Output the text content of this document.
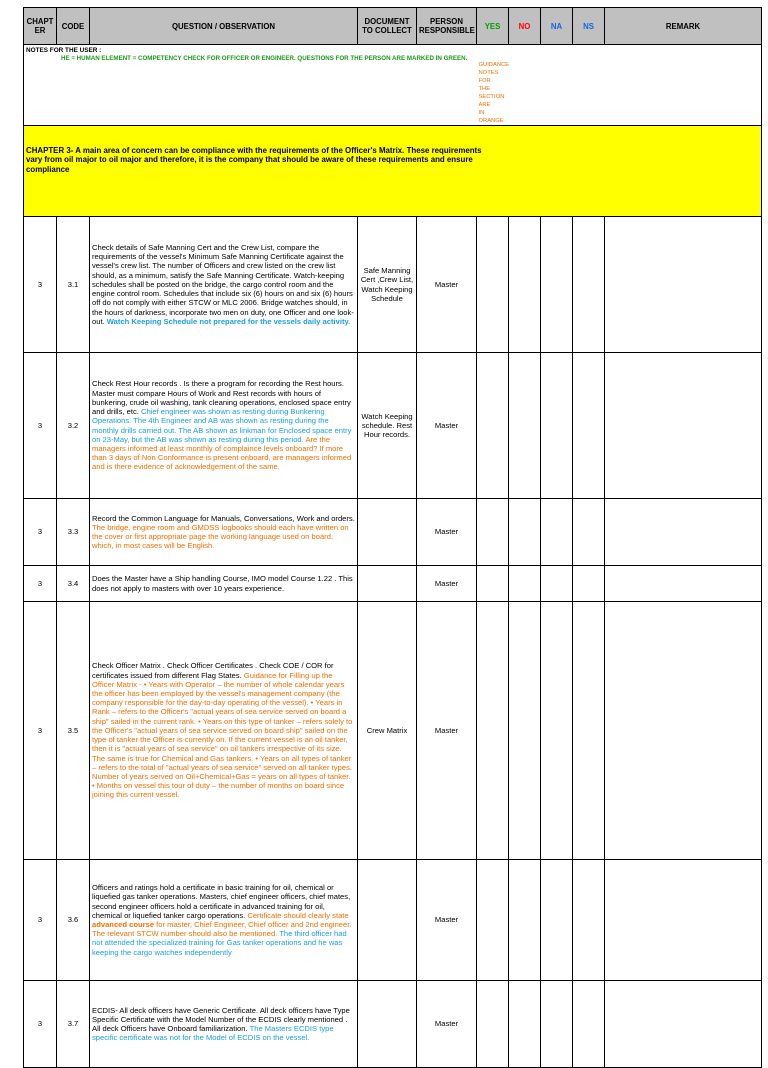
CHAPT ER	CODE	QUESTION / OBSERVATION	DOCUMENT TO COLLECT	PERSON RESPONSIBLE	YES	NO	NA	NS	REMARK

NOTES FOR THE USER :
HE = HUMAN ELEMENT = COMPETENCY CHECK FOR OFFICER OR ENGINEER. QUESTIONS FOR THE PERSON ARE MARKED IN GREEN.					GUIDANCE NOTES FOR THE SECTION ARE IN ORANGE				

CHAPTER 3- A main area of concern can be compliance with the requirements of the Officer's Matrix. These requirements vary from oil major to oil major and therefore, it is the company that should be aware of these requirements and ensure compliance									

3	3.1	Check details of Safe Manning Cert and the Crew List, compare the requirements of the vessel's Minimum Safe Manning Certificate against the vessel's crew list. The number of Officers and crew listed on the crew list should, as a minimum, satisfy the Safe Manning Certificate. Watch-keeping schedules shall be posted on the bridge, the cargo control room and the engine control room. Schedules that include six (6) hours on and six (6) hours off do not comply with either STCW or MLC 2006. Bridge watches should, in the hours of darkness, incorporate two men on duty, one Officer and one look-out. Watch Keeping Schedule not prepared for the vessels daily activity.	Safe Manning Cert ,Crew List, Watch Keeping Schedule	Master					
3	3.2	Check Rest Hour records . Is there a program for recording the Rest hours. Master must compare Hours of Work and Rest records with hours of bunkering, crude oil washing, tank cleaning operations, enclosed space entry and drills, etc. Chief engineer was shown as resting during Bunkering Operations. The 4th Engineer and AB was shown as resting during the monthly drills carried out. The AB shown as linkman for Enclosed space entry on 23-May, but the AB was shown as resting during this period. Are the managers informed at least monthly of complaince levels onboard? If more than 3 days of Non Conformance is present onboard, are managers informed and is there evidence of acknowledgement of the same.	Watch Keeping schedule. Rest Hour records.	Master					
3	3.3	Record the Common Language for Manuals, Conversations, Work and orders. The bridge, engine room and GMDSS logbooks should each have written on the cover or first appropriate page the working language used on board, which, in most cases will be English.		Master					
3	3.4	Does the Master have a Ship handling Course, IMO model Course 1.22 . This does not apply to masters with over 10 years experience.		Master					
3	3.5	Check Officer Matrix . Check Officer Certificates . Check COE / COR for certificates issued from different Flag States. Guidance for Filling up the Officer Matrix - • Years with Operator – the number of whole calendar years the officer has been employed by the vessel's management company (the company responsible for the day-to-day operating of the vessel). • Years in Rank – refers to the Officer's "actual years of sea service served on board a ship" sailed in the current rank. • Years on this type of tanker – refers solely to the Officer's "actual years of sea service served on board ship" sailed on the type of tanker the Officer is currently on. If the current vessel is an oil tanker, then it is "actual years of sea service" on oil tankers irrespective of its size. The same is true for Chemical and Gas tankers. • Years on all types of tanker – refers to the total of "actual years of sea service" served on all tanker types. Number of years served on Oil+Chemical+Gas = years on all types of tanker. • Months on vessel this tour of duty – the number of months on board since joining this current vessel.	Crew Matrix	Master					
3	3.6	Officers and ratings hold a certificate in basic training for oil, chemical or liquefied gas tanker operations. Masters, chief engineer officers, chief mates, second engineer officers hold a certificate in advanced training for oil, chemical or liquefied tanker cargo operations. Certificate should clearly state advanced course for master, Chief Engineer, Chief officer and 2nd engineer. The relevant STCW number should also be mentioned. The third officer had not attended the specialized training for Gas tanker operations and he was keeping the cargo watches independently		Master					
3	3.7	ECDIS- All deck officers have Generic Certificate. All deck officers have Type Specific Certificate with the Model Number of the ECDIS clearly mentioned . All deck Officers have Onboard familiarization. The Masters ECDIS type specific certificate was not for the Model of ECDIS on the vessel.		Master					
